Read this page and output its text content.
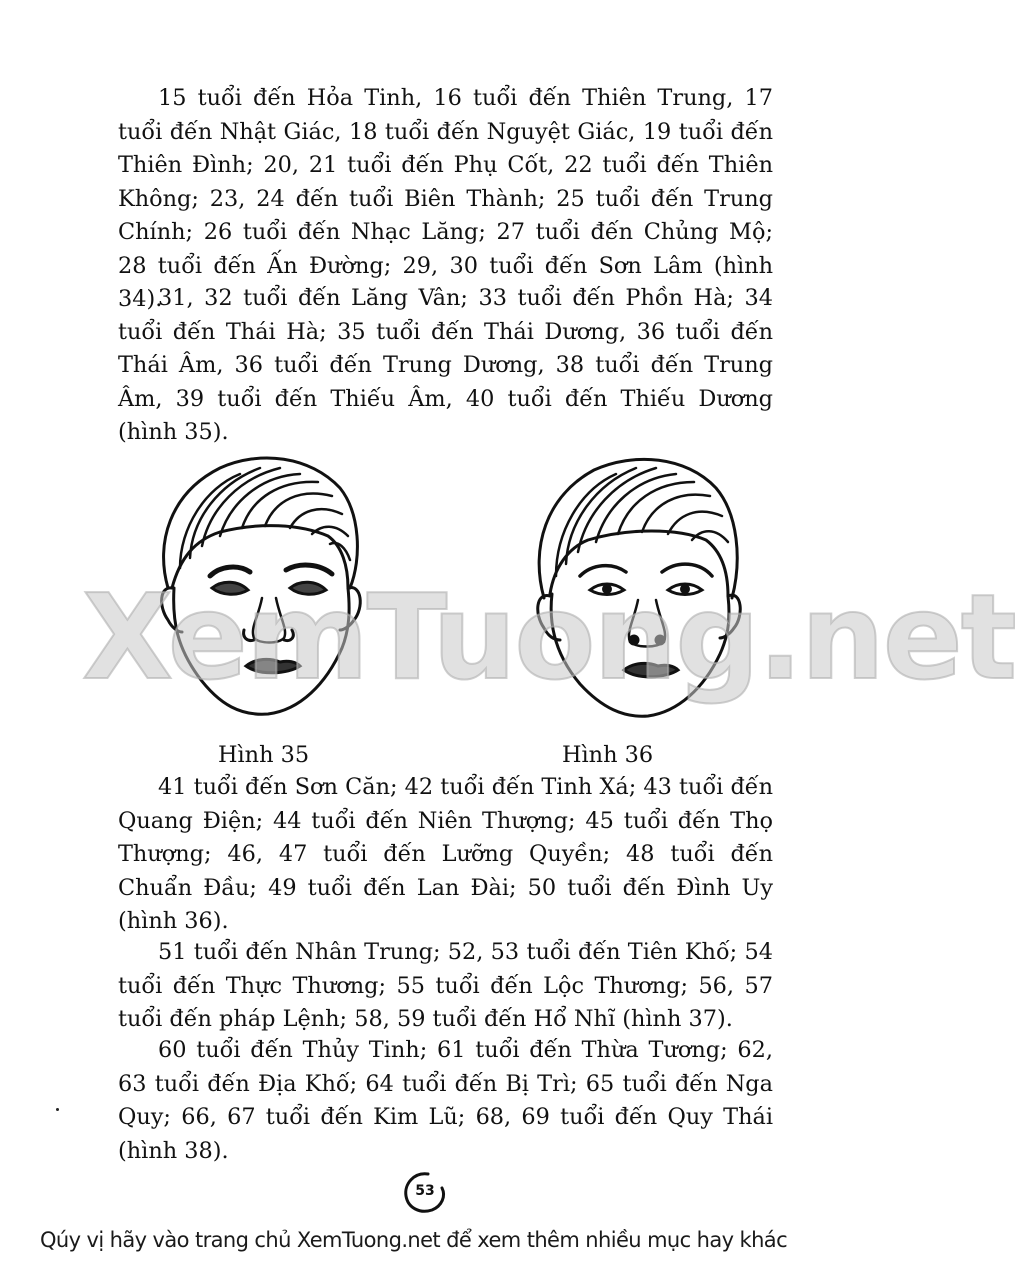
15 tuổi đến Hỏa Tinh, 16 tuổi đến Thiên Trung, 17 tuổi đến Nhật Giác, 18 tuổi đến Nguyệt Giác, 19 tuổi đến Thiên Đình; 20, 21 tuổi đến Phụ Cốt, 22 tuổi đến Thiên Không; 23, 24 đến tuổi Biên Thành; 25 tuổi đến Trung Chính; 26 tuổi đến Nhạc Lăng; 27 tuổi đến Chủng Mộ; 28 tuổi đến Ấn Đường; 29, 30 tuổi đến Sơn Lâm (hình 34).

31, 32 tuổi đến Lăng Vân; 33 tuổi đến Phồn Hà; 34 tuổi đến Thái Hà; 35 tuổi đến Thái Dương, 36 tuổi đến Thái Âm, 36 tuổi đến Trung Dương, 38 tuổi đến Trung Âm, 39 tuổi đến Thiếu Âm, 40 tuổi đến Thiếu Dương (hình 35).

XemTuong.net
Hình 35	Hình 36

41 tuổi đến Sơn Căn; 42 tuổi đến Tinh Xá; 43 tuổi đến Quang Điện; 44 tuổi đến Niên Thượng; 45 tuổi đến Thọ Thượng; 46, 47 tuổi đến Lưỡng Quyền; 48 tuổi đến Chuẩn Đầu; 49 tuổi đến Lan Đài; 50 tuổi đến Đình Uy (hình 36).

51 tuổi đến Nhân Trung; 52, 53 tuổi đến Tiên Khố; 54 tuổi đến Thực Thương; 55 tuổi đến Lộc Thương; 56, 57 tuổi đến pháp Lệnh; 58, 59 tuổi đến Hổ Nhĩ (hình 37).

60 tuổi đến Thủy Tinh; 61 tuổi đến Thừa Tương; 62, 63 tuổi đến Địa Khố; 64 tuổi đến Bị Trì; 65 tuổi đến Nga Quy; 66, 67 tuổi đến Kim Lũ; 68, 69 tuổi đến Quy Thái (hình 38).

53
Qúy vị hãy vào trang chủ XemTuong.net để xem thêm nhiều mục hay khác
